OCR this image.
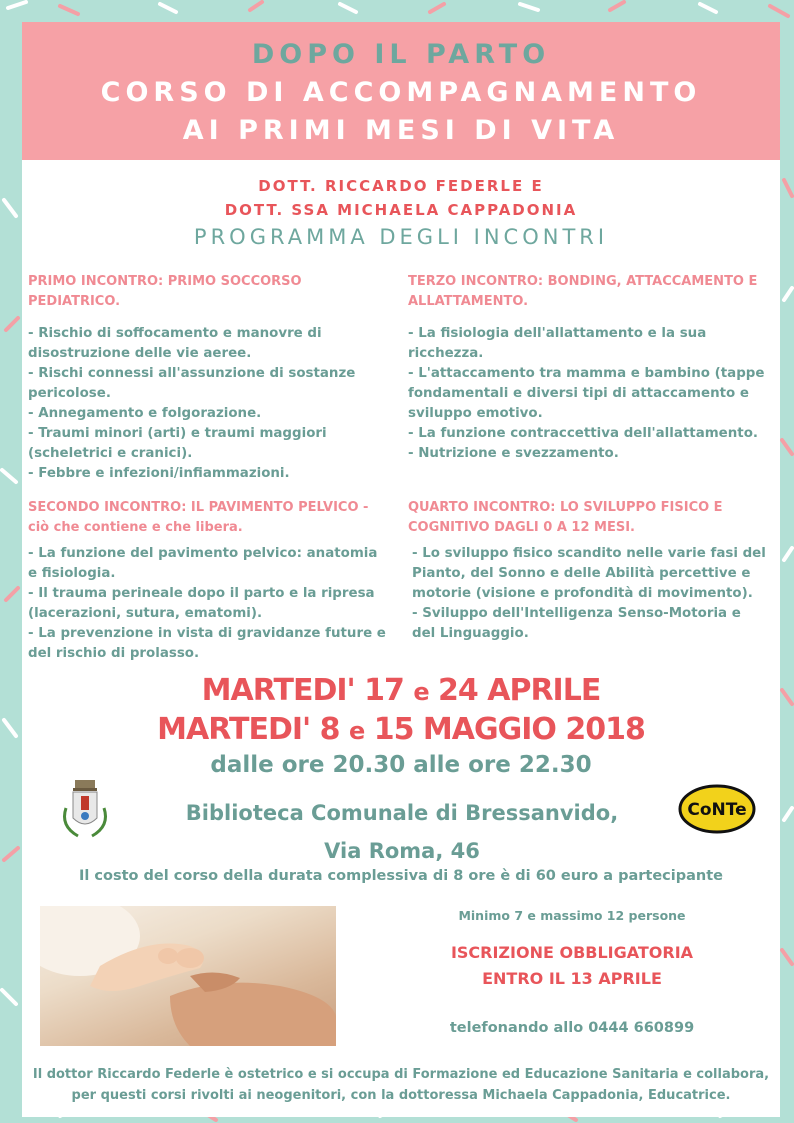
DOPO IL PARTO
CORSO DI ACCOMPAGNAMENTO
AI PRIMI MESI DI VITA
DOTT. RICCARDO FEDERLE E
DOTT. SSA MICHAELA CAPPADONIA
PROGRAMMA DEGLI INCONTRI
PRIMO INCONTRO: PRIMO SOCCORSO PEDIATRICO.
- Rischio di soffocamento e manovre di disostruzione delle vie aeree.
- Rischi connessi all'assunzione di sostanze pericolose.
- Annegamento e folgorazione.
- Traumi minori (arti) e traumi maggiori (scheletrici e cranici).
- Febbre e infezioni/infiammazioni.
TERZO INCONTRO: BONDING, ATTACCAMENTO E ALLATTAMENTO.
- La fisiologia dell'allattamento e la sua ricchezza.
- L'attaccamento tra mamma e bambino (tappe fondamentali e diversi tipi di attaccamento e sviluppo emotivo.
- La funzione contraccettiva dell'allattamento.
- Nutrizione e svezzamento.
SECONDO INCONTRO: IL PAVIMENTO PELVICO - ciò che contiene e che libera.
- La funzione del pavimento pelvico: anatomia e fisiologia.
- Il trauma perineale dopo il parto e la ripresa (lacerazioni, sutura, ematomi).
- La prevenzione in vista di gravidanze future e del rischio di prolasso.
QUARTO INCONTRO: LO SVILUPPO FISICO E COGNITIVO DAGLI 0 A 12 MESI.
- Lo sviluppo fisico scandito nelle varie fasi del Pianto, del Sonno e delle Abilità percettive e motorie (visione e profondità di movimento).
- Sviluppo dell'Intelligenza Senso-Motoria e del Linguaggio.
MARTEDI' 17 e 24 APRILE
MARTEDI' 8 e 15 MAGGIO 2018
dalle ore 20.30 alle ore 22.30
Biblioteca Comunale di Bressanvido,
Via Roma, 46
CoNTe
Il costo del corso della durata complessiva di 8 ore è di 60 euro a partecipante
Minimo 7 e massimo 12 persone
ISCRIZIONE OBBLIGATORIA
ENTRO IL 13 APRILE
telefonando allo 0444 660899
Il dottor Riccardo Federle è ostetrico e si occupa di Formazione ed Educazione Sanitaria e collabora,
per questi corsi rivolti ai neogenitori, con la dottoressa Michaela Cappadonia, Educatrice.
